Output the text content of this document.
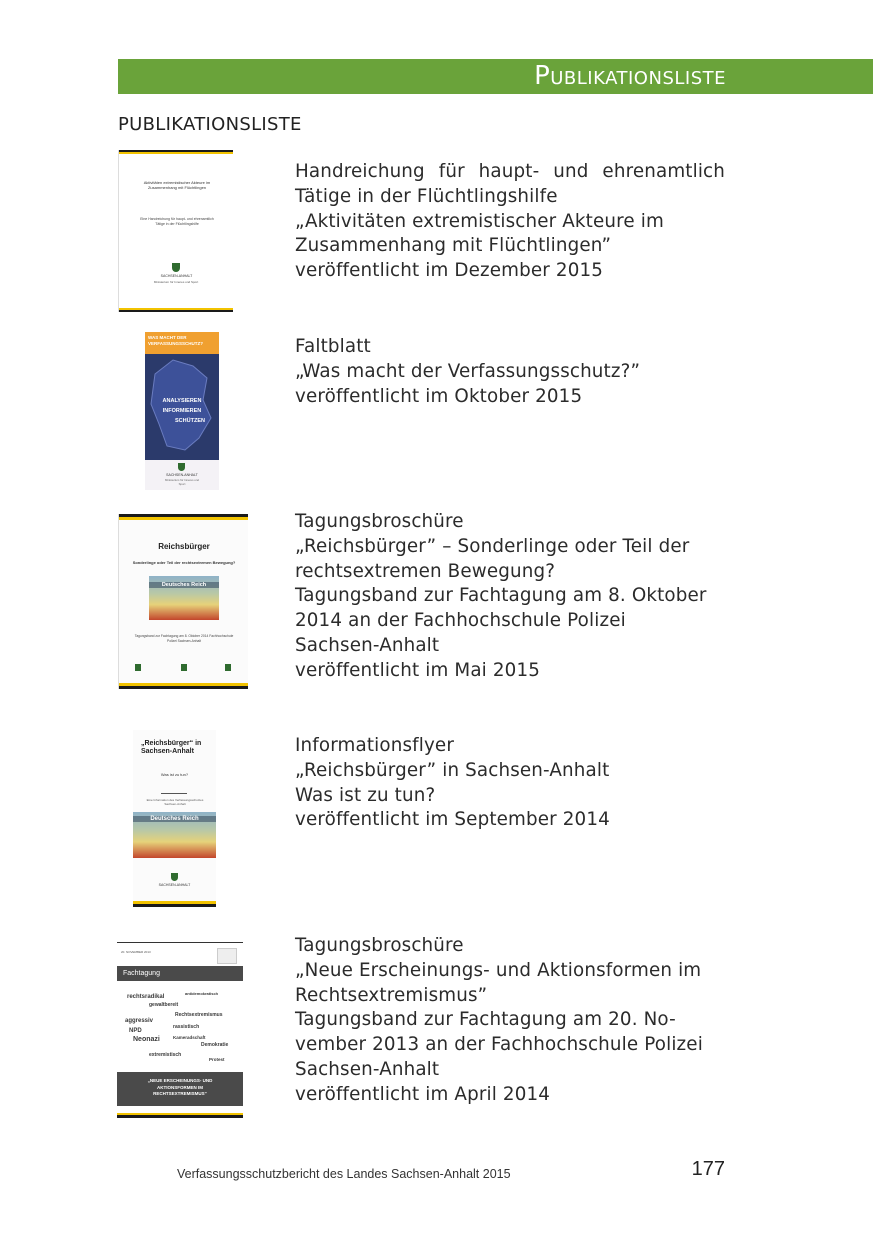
Publikationsliste
PUBLIKATIONSLISTE
Aktivitäten extremistischer Akteure im Zusammenhang mit Flüchtlingen
Eine Handreichung für haupt- und ehrenamtlich Tätige in der Flüchtlingshilfe
SACHSEN-ANHALT
Ministerium für Inneres und Sport
Handreichung für haupt- und ehrenamtlich
Tätige in der Flüchtlingshilfe
„Aktivitäten extremistischer Akteure im
Zusammenhang mit Flüchtlingen”
veröffentlicht im Dezember 2015
WAS MACHT DER VERFASSUNGSSCHUTZ?
ANALYSIEREN
INFORMIEREN
SCHÜTZEN
SACHSEN-ANHALT
Ministerium für Inneres und Sport
Faltblatt
„Was macht der Verfassungsschutz?”
veröffentlicht im Oktober 2015
Reichsbürger
Sonderlinge oder Teil der rechtsextremen Bewegung?
Deutsches Reich
Tagungsband zur Fachtagung am 8. Oktober 2014 Fachhochschule Polizei Sachsen-Anhalt
Tagungsbroschüre
„Reichsbürger” – Sonderlinge oder Teil der
rechtsextremen Bewegung?
Tagungsband zur Fachtagung am 8. Oktober
2014 an der Fachhochschule Polizei
Sachsen-Anhalt
veröffentlicht im Mai 2015
„Reichsbürger“ in Sachsen-Anhalt
Was ist zu tun?
Eine Information des Verfassungsschutzes Sachsen-Anhalt
Deutsches Reich
SACHSEN-ANHALT
Informationsflyer
„Reichsbürger” in Sachsen-Anhalt
Was ist zu tun?
veröffentlicht im September 2014
20. NOVEMBER 2013
Fachtagung
rechtsradikal
gewaltbereit
Rechtsextremismus
aggressiv
rassistisch
Demokratie
extremistisch
Neonazi
antidemokratisch
NPD
Kameradschaft
Protest
„NEUE ERSCHEINUNGS- UND AKTIONSFORMEN IM RECHTSEXTREMISMUS“
Tagungsbroschüre
„Neue Erscheinungs- und Aktionsformen im
Rechtsextremismus”
Tagungsband zur Fachtagung am 20. No-
vember 2013 an der Fachhochschule Polizei
Sachsen-Anhalt
veröffentlicht im April 2014
Verfassungsschutzbericht des Landes Sachsen-Anhalt 2015	177
